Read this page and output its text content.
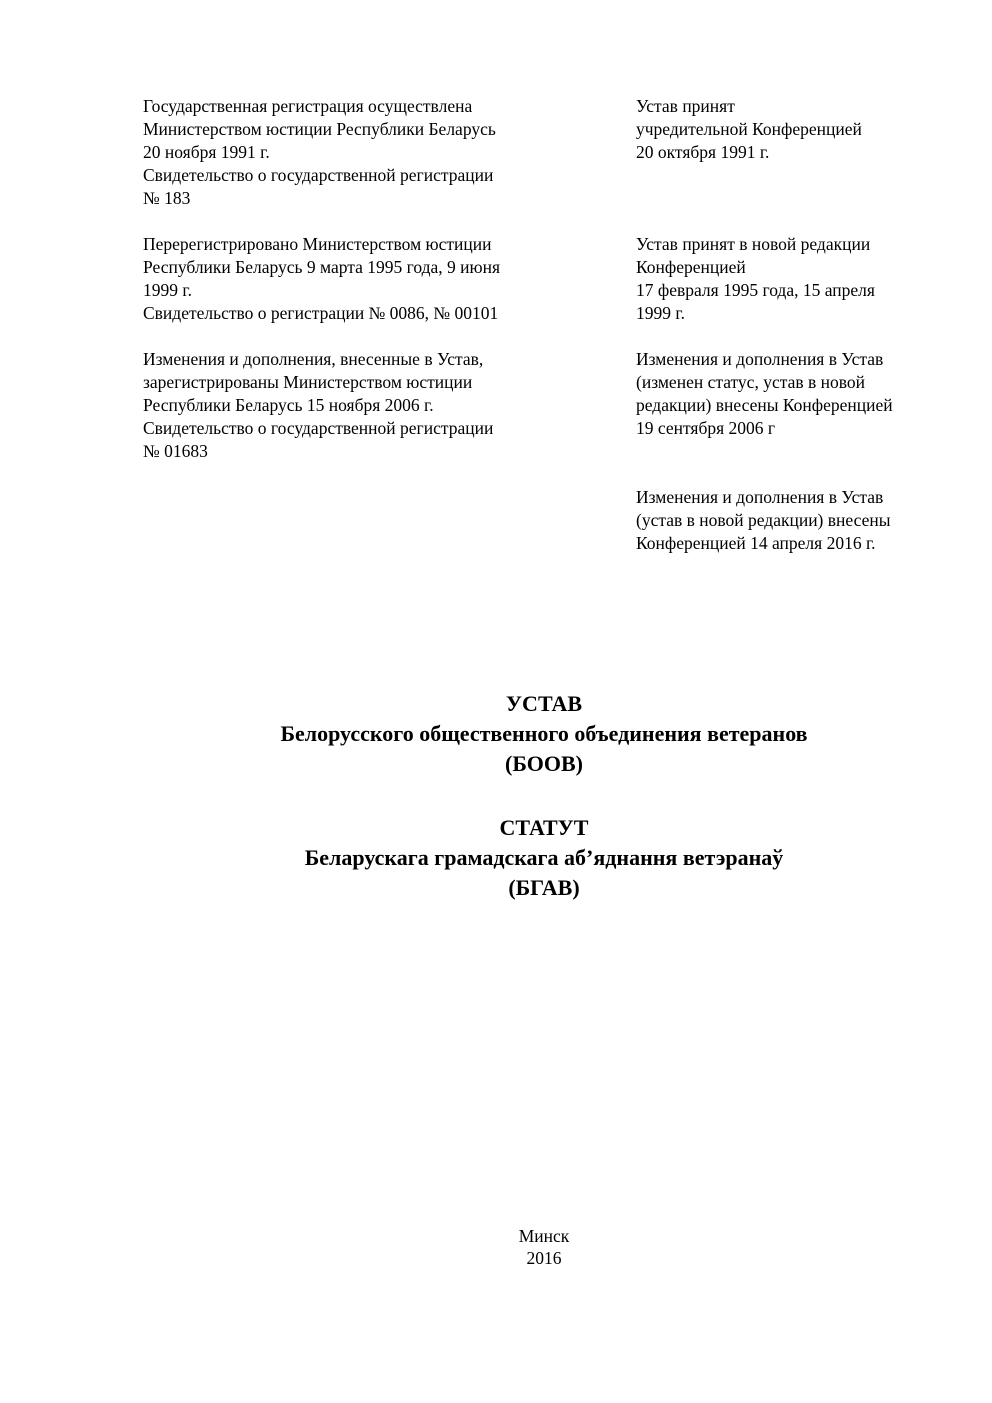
Государственная регистрация осуществлена
Министерством юстиции Республики Беларусь
20 ноября 1991 г.
Свидетельство о государственной регистрации
№ 183
Перерегистрировано Министерством юстиции
Республики Беларусь 9 марта 1995 года, 9 июня
1999 г.
Свидетельство о регистрации № 0086, № 00101
Изменения и дополнения, внесенные в Устав,
зарегистрированы Министерством юстиции
Республики Беларусь 15 ноября 2006 г.
Свидетельство о государственной регистрации
№ 01683
Устав принят
учредительной Конференцией
20 октября 1991 г.
Устав принят в новой редакции
Конференцией
17 февраля 1995 года, 15 апреля
1999 г.
Изменения и дополнения в Устав
(изменен статус, устав в новой
редакции) внесены Конференцией
19 сентября 2006 г
Изменения и дополнения в Устав
(устав в новой редакции) внесены
Конференцией 14 апреля 2016 г.
УСТАВ
Белорусского общественного объединения ветеранов
(БООВ)
СТАТУТ
Беларускага грамадскага аб’яднання ветэранаў
(БГАВ)
Минск
2016
